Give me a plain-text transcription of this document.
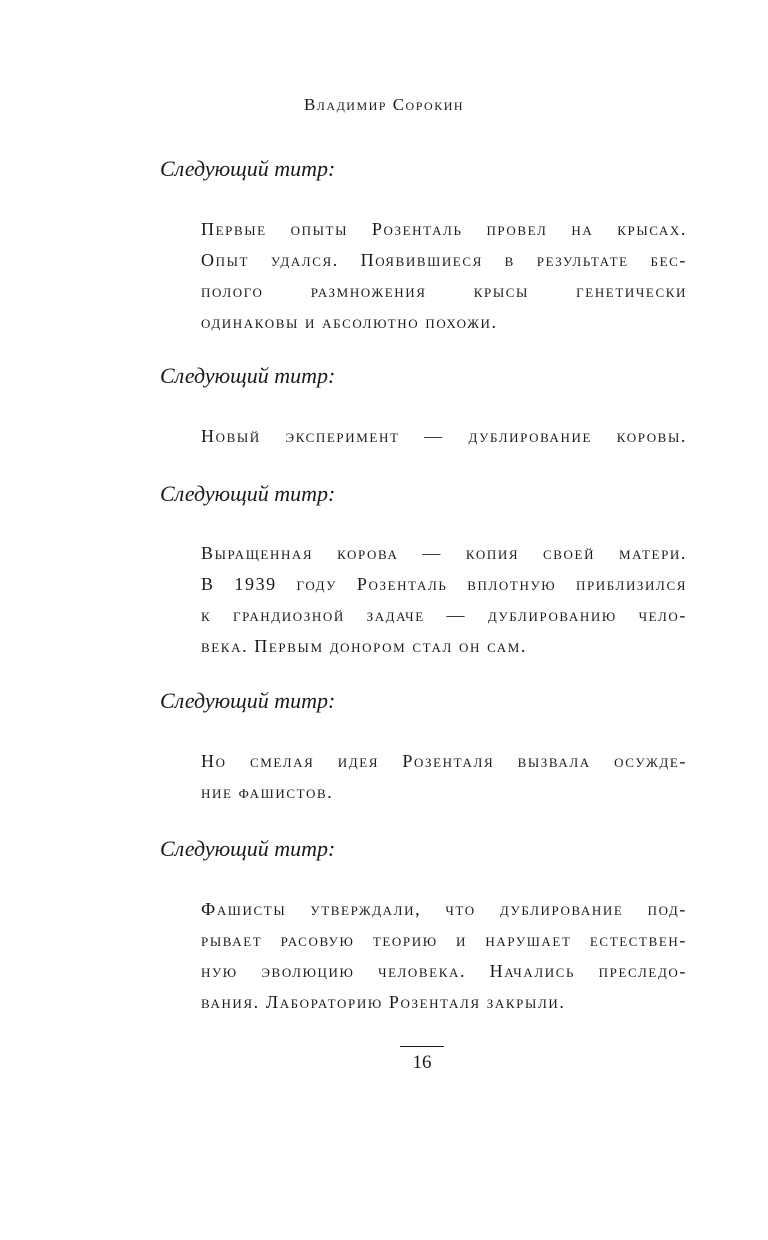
Владимир Сорокин
Следующий титр:
Первые опыты Розенталь провел на крысах.
Опыт удался. Появившиеся в результате бес-
полого размножения крысы генетически
одинаковы и абсолютно похожи.
Следующий титр:
Новый эксперимент — дублирование коровы.
Следующий титр:
Выращенная корова — копия своей матери.
В 1939 году Розенталь вплотную приблизился
к грандиозной задаче — дублированию чело-
века. Первым донором стал он сам.
Следующий титр:
Но смелая идея Розенталя вызвала осужде-
ние фашистов.
Следующий титр:
Фашисты утверждали, что дублирование под-
рывает расовую теорию и нарушает естествен-
ную эволюцию человека. Начались преследо-
вания. Лабораторию Розенталя закрыли.
16
